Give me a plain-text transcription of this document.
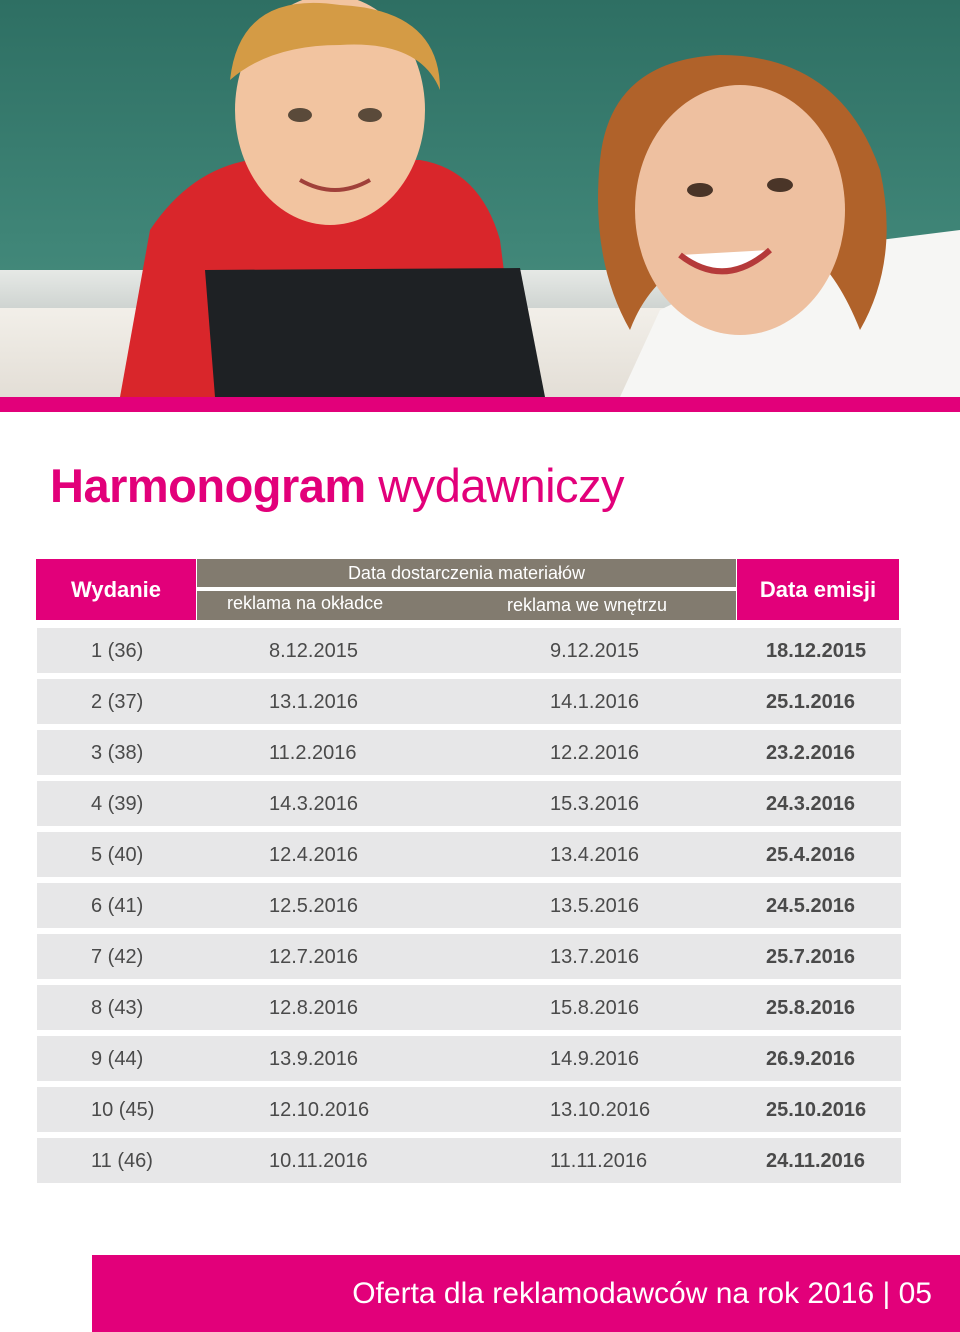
Harmonogram wydawniczy
Wydanie
Data dostarczenia materiałów
reklama na okładce	reklama we wnętrzu
Data emisji
1 (36)	8.12.2015	9.12.2015	18.12.2015
2 (37)	13.1.2016	14.1.2016	25.1.2016
3 (38)	11.2.2016	12.2.2016	23.2.2016
4 (39)	14.3.2016	15.3.2016	24.3.2016
5 (40)	12.4.2016	13.4.2016	25.4.2016
6 (41)	12.5.2016	13.5.2016	24.5.2016
7 (42)	12.7.2016	13.7.2016	25.7.2016
8 (43)	12.8.2016	15.8.2016	25.8.2016
9 (44)	13.9.2016	14.9.2016	26.9.2016
10 (45)	12.10.2016	13.10.2016	25.10.2016
11 (46)	10.11.2016	11.11.2016	24.11.2016
Oferta dla reklamodawców na rok 2016 | 05
